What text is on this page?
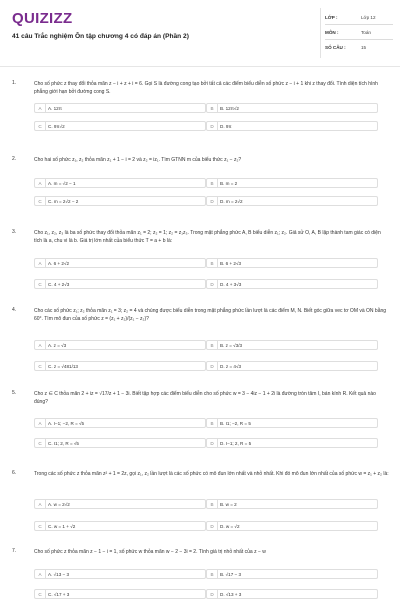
QUIZIZZ
41 câu Trắc nghiệm Ôn tập chương 4 có đáp án (Phần 2)
LỚP :	Lớp 12
MÔN :	Toán
SỐ CÂU :	15
1.	Cho số phức z thay đổi thỏa mãn z − i + z + i = 6. Gọi S là đường cong tạo bởi tất cả các điểm biểu diễn số phức z − i + 1 khi z thay đổi. Tính diện tích hình phẳng giới hạn bởi đường cong S.
A	A. 12π	B	B. 12π√2
C	C. 9π√2	D	D. 9π
2.	Cho hai số phức z₁, z₂ thỏa mãn z₁ + 1 − i = 2 và z₂ = iz₁. Tìm GTNN m của biểu thức z₁ − z₂?
A	A. m = √2 − 1	B	B. m = 2
C	C. m = 2√2 − 2	D	D. m = 2√2
3.	Cho z₁, z₂, z₃ là ba số phức thay đổi thỏa mãn z₁ = 2; z₂ = 1; z₂ = z₁z₃. Trong mặt phẳng phức A, B biểu diễn z₁; z₂. Giả sử O, A, B lập thành tam giác có diện tích là a, chu vi là b. Giá trị lớn nhất của biểu thức T = a + b là:
A	A. 6 + 2√2	B	B. 6 + 2√3
C	C. 4 + 2√3	D	D. 4 + 3√3
4.	Cho các số phức z₁; z₂ thỏa mãn z₁ = 3; z₂ = 4 và chúng được biểu diễn trong mặt phẳng phức lần lượt là các điểm M, N. Biết góc giữa vec tơ OM và ON bằng 60°. Tìm mô đun của số phức z = (z₁ + z₂)/(z₁ − z₂)?
A	A. z = √3	B	B. z = √3/3
C	C. z = √481/13	D	D. z = 4√3
5.	Cho z ∈ C thỏa mãn 2 + iz = √17/z + 1 − 3i. Biết tập hợp các điểm biểu diễn cho số phức w = 3 − 4iz − 1 + 2i là đường tròn tâm I, bán kính R. Kết quả nào đúng?
A	A. I−1; −2, R = √5	B	B. I1; −2, R = 5
C	C. I1; 2, R = √5	D	D. I−1; 2, R = 5
6.	Trong các số phức z thỏa mãn z² + 1 = 2z, gọi z₁, z₂ lần lượt là các số phức có mô đun lớn nhất và nhỏ nhất. Khi đó mô đun lớn nhất của số phức w = z₁ + z₂ là:
A	A. w = 2√2	B	B. w = 2
C	C. w = 1 + √2	D	D. w = √2
7.	Cho số phức z thỏa mãn z − 1 − i = 1, số phức w thỏa mãn w − 2 − 3i = 2. Tính giá trị nhỏ nhất của z − w
A	A. √13 − 3	B	B. √17 − 3
C	C. √17 + 3	D	D. √13 + 3
